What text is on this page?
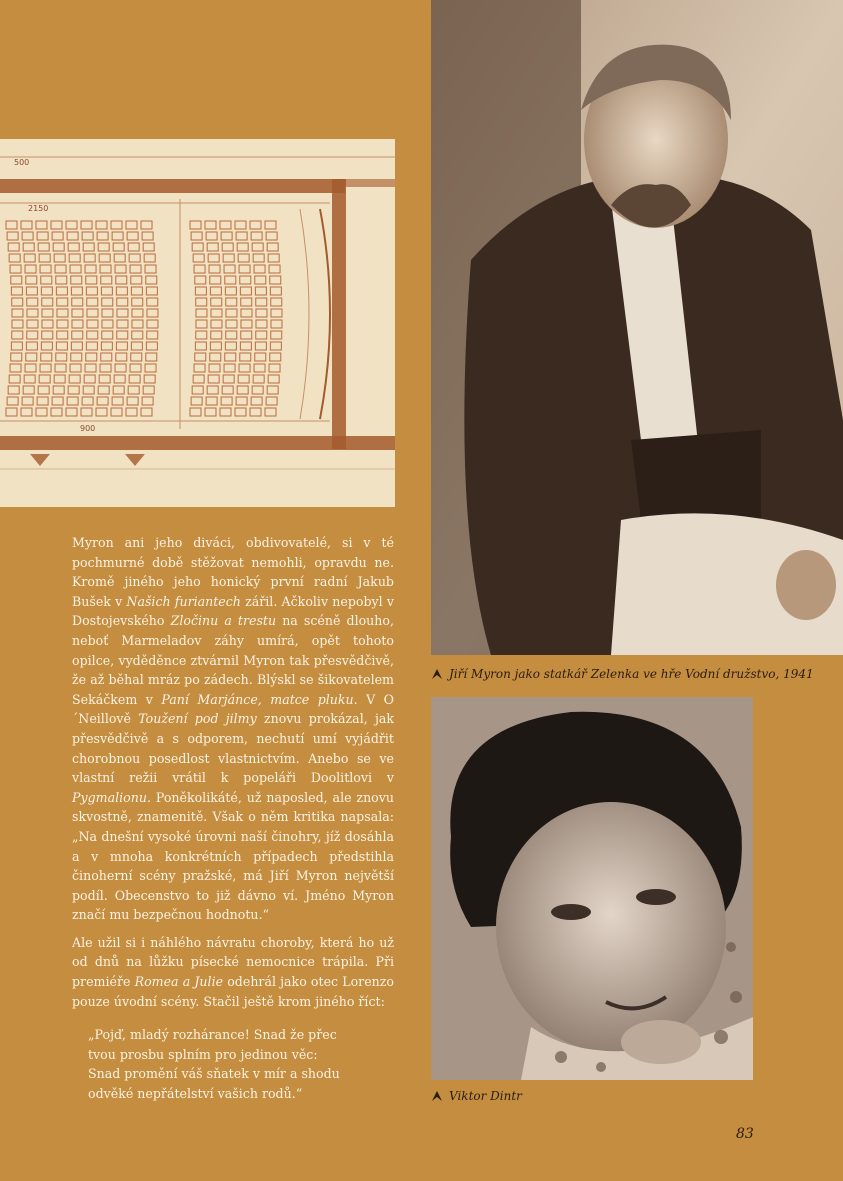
500
2150
900
Jiří Myron jako statkář Zelenka ve hře Vodní družstvo, 1941
Viktor Dintr

Myron ani jeho diváci, obdivovatelé, si v té pochmurné době stěžovat nemohli, opravdu ne. Kromě jiného jeho honický první radní Jakub Bušek v Našich furiantech zářil. Ačkoliv nepobyl v Dostojevského Zločinu a trestu na scéně dlouho, neboť Marmeladov záhy umírá, opět tohoto opilce, vyděděnce ztvárnil Myron tak přesvědčivě, že až běhal mráz po zádech. Blýskl se šikovatelem Sekáčkem v Paní Marjánce, matce pluku. V O´Neillově Toužení pod jilmy znovu prokázal, jak přesvědčivě a s odporem, nechutí umí vyjádřit chorobnou posedlost vlastnictvím. Anebo se ve vlastní režii vrátil k popeláři Doolitlovi v Pygmalionu. Poněkolikáté, už naposled, ale znovu skvostně, znamenitě. Však o něm kritika napsala: „Na dnešní vysoké úrovni naší činohry, jíž dosáhla a v mnoha konkrétních případech předstihla činoherní scény pražské, má Jiří Myron největší podíl. Obecenstvo to již dávno ví. Jméno Myron značí mu bezpečnou hodnotu.“

Ale užil si i náhlého návratu choroby, která ho už od dnů na lůžku písecké nemocnice trápila. Při premiéře Romea a Julie odehrál jako otec Lorenzo pouze úvodní scény. Stačil ještě krom jiného říct:

„Pojď, mladý rozhárance! Snad že přec
tvou prosbu splním pro jedinou věc:
Snad promění váš sňatek v mír a shodu
odvěké nepřátelství vašich rodů.“

83
